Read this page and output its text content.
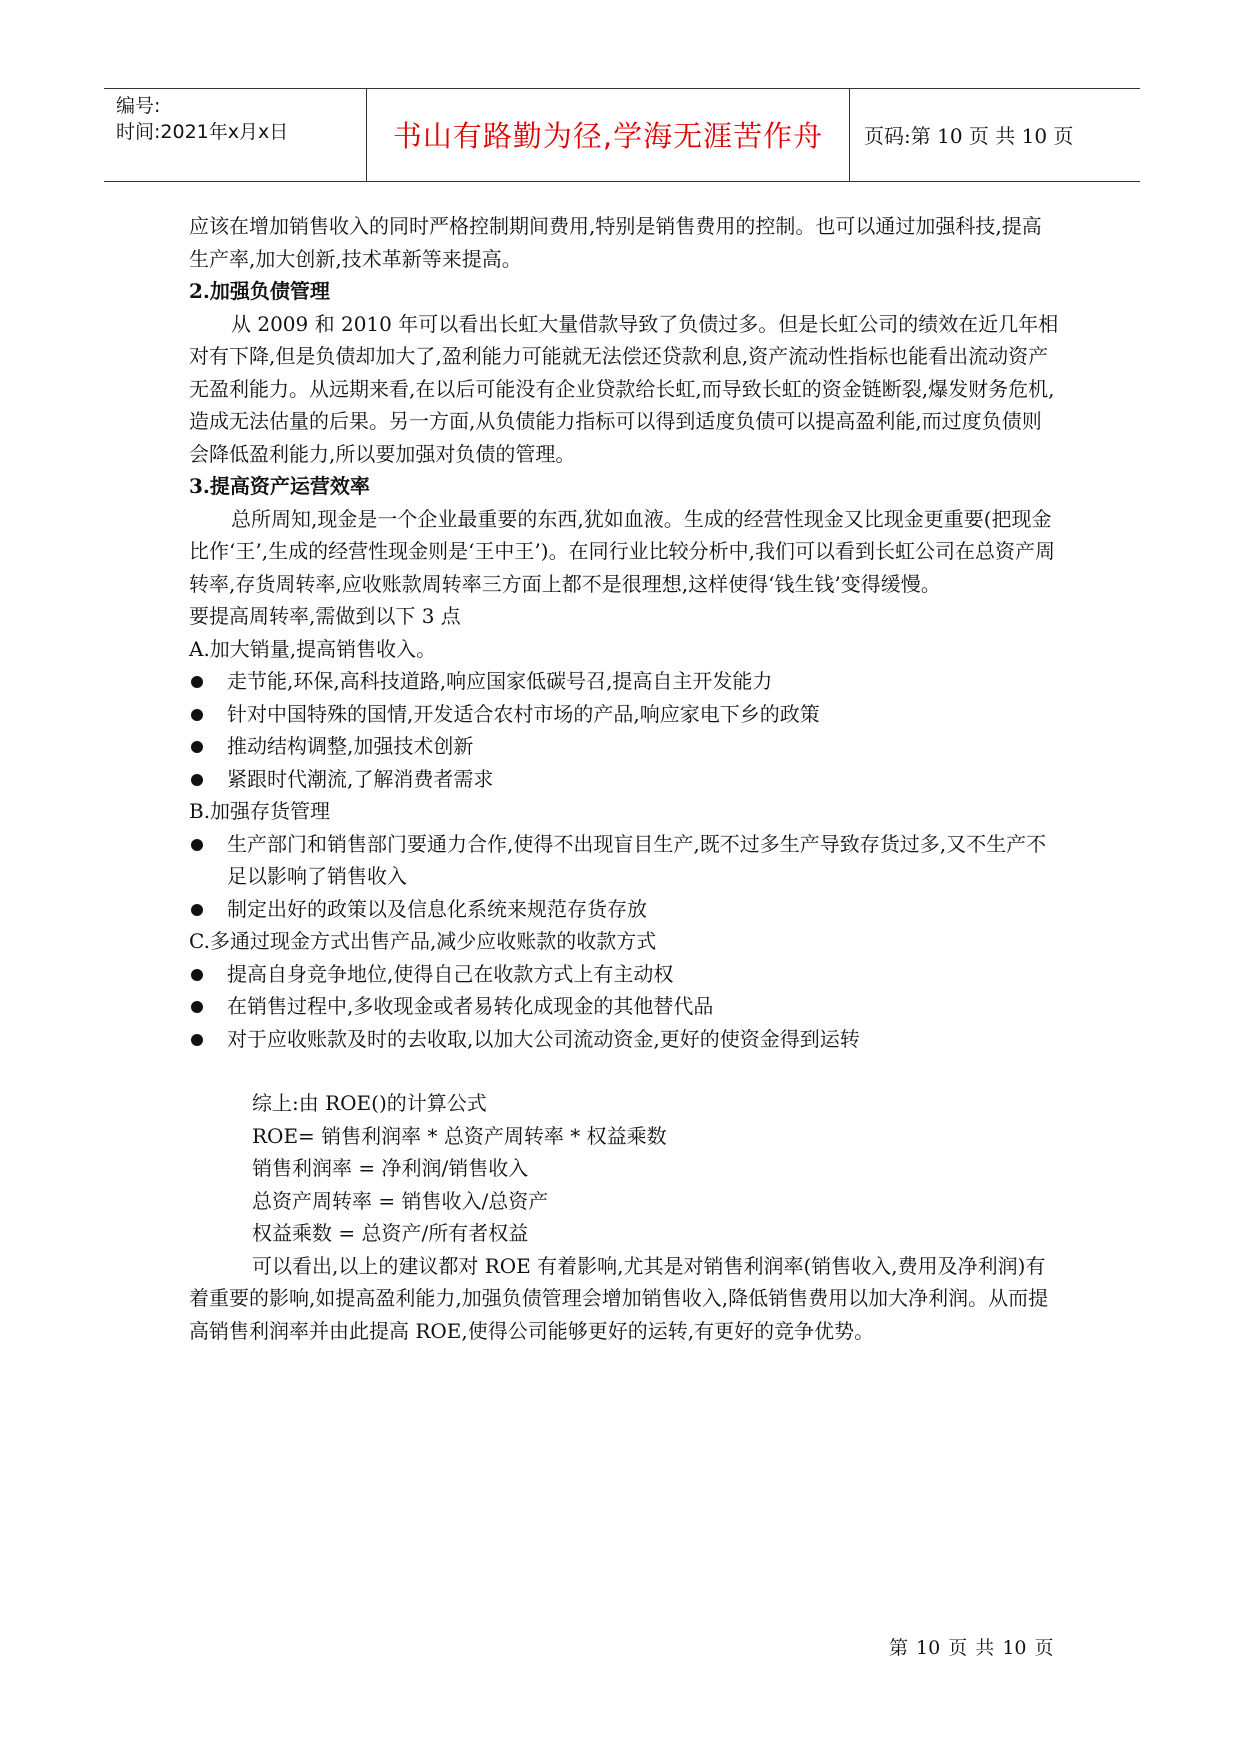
编号:
时间:2021年x月x日	书山有路勤为径,学海无涯苦作舟	页码:第 10 页 共 10 页

应该在增加销售收入的同时严格控制期间费用,特别是销售费用的控制。也可以通过加强科技,提高生产率,加大创新,技术革新等来提高。

2.加强负债管理

从 2009 和 2010 年可以看出长虹大量借款导致了负债过多。但是长虹公司的绩效在近几年相对有下降,但是负债却加大了,盈利能力可能就无法偿还贷款利息,资产流动性指标也能看出流动资产无盈利能力。从远期来看,在以后可能没有企业贷款给长虹,而导致长虹的资金链断裂,爆发财务危机,造成无法估量的后果。另一方面,从负债能力指标可以得到适度负债可以提高盈利能,而过度负债则会降低盈利能力,所以要加强对负债的管理。

3.提高资产运营效率

总所周知,现金是一个企业最重要的东西,犹如血液。生成的经营性现金又比现金更重要(把现金比作‘王’,生成的经营性现金则是‘王中王’)。在同行业比较分析中,我们可以看到长虹公司在总资产周转率,存货周转率,应收账款周转率三方面上都不是很理想,这样使得‘钱生钱’变得缓慢。

要提高周转率,需做到以下 3 点

A.加大销量,提高销售收入。

走节能,环保,高科技道路,响应国家低碳号召,提高自主开发能力
针对中国特殊的国情,开发适合农村市场的产品,响应家电下乡的政策
推动结构调整,加强技术创新
紧跟时代潮流,了解消费者需求

B.加强存货管理

生产部门和销售部门要通力合作,使得不出现盲目生产,既不过多生产导致存货过多,又不生产不足以影响了销售收入
制定出好的政策以及信息化系统来规范存货存放

C.多通过现金方式出售产品,减少应收账款的收款方式

提高自身竞争地位,使得自己在收款方式上有主动权
在销售过程中,多收现金或者易转化成现金的其他替代品
对于应收账款及时的去收取,以加大公司流动资金,更好的使资金得到运转

综上:由 ROE()的计算公式

ROE= 销售利润率 * 总资产周转率 * 权益乘数

销售利润率 = 净利润/销售收入

总资产周转率 = 销售收入/总资产

权益乘数 = 总资产/所有者权益

可以看出,以上的建议都对 ROE 有着影响,尤其是对销售利润率(销售收入,费用及净利润)有着重要的影响,如提高盈利能力,加强负债管理会增加销售收入,降低销售费用以加大净利润。从而提高销售利润率并由此提高 ROE,使得公司能够更好的运转,有更好的竞争优势。

第 10 页 共 10 页
